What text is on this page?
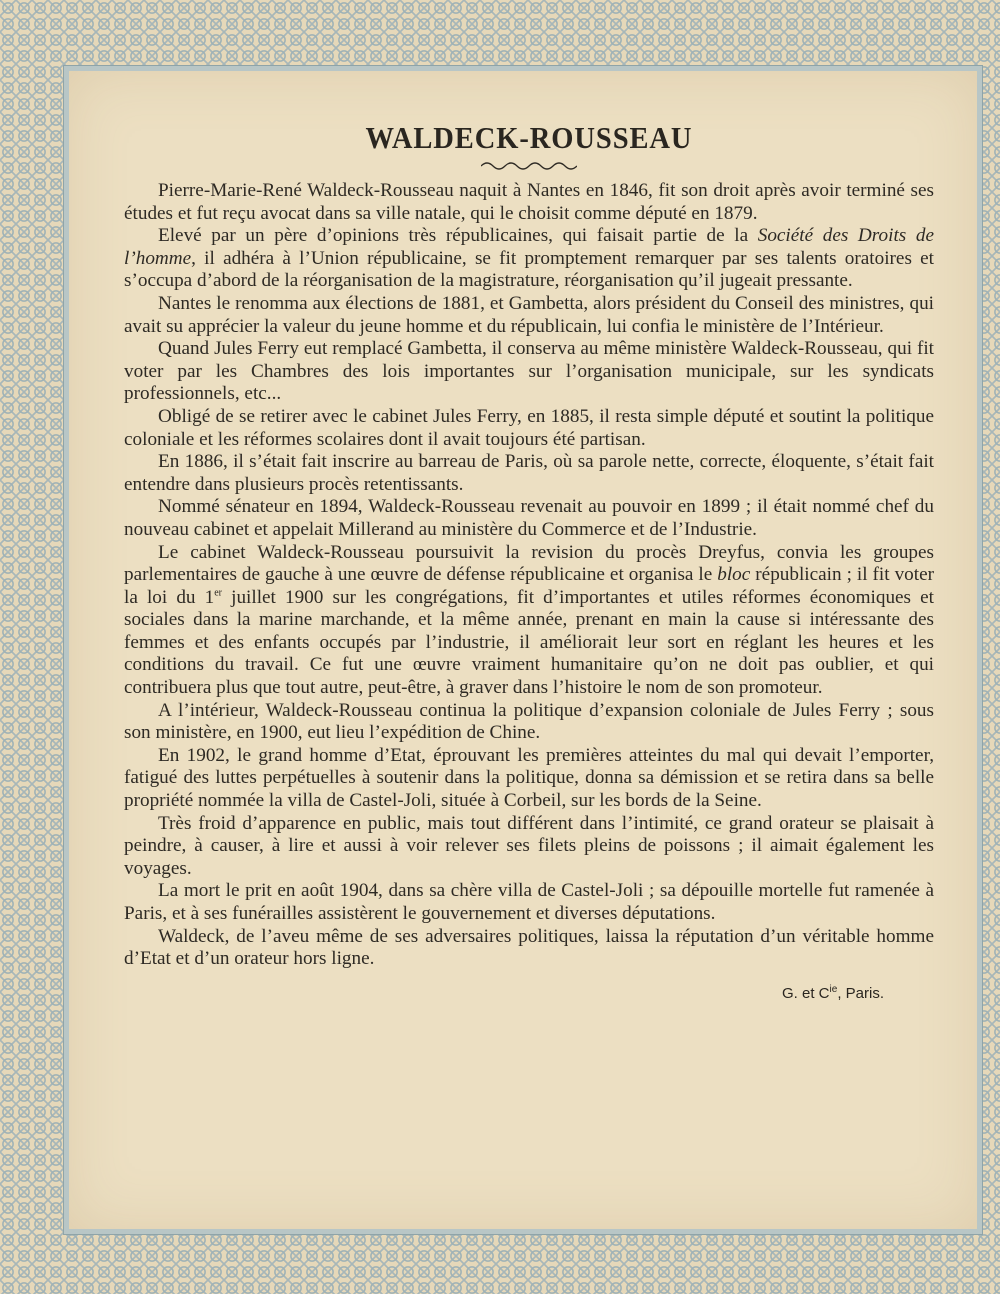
WALDECK-ROUSSEAU

Pierre-Marie-René Waldeck-Rousseau naquit à Nantes en 1846, fit son droit après avoir terminé ses études et fut reçu avocat dans sa ville natale, qui le choisit comme député en 1879.

Elevé par un père d’opinions très républicaines, qui faisait partie de la Société des Droits de l’homme, il adhéra à l’Union républicaine, se fit promptement remarquer par ses talents oratoires et s’occupa d’abord de la réorganisation de la magistrature, réorganisation qu’il jugeait pressante.

Nantes le renomma aux élections de 1881, et Gambetta, alors président du Conseil des ministres, qui avait su apprécier la valeur du jeune homme et du républicain, lui confia le ministère de l’Intérieur.

Quand Jules Ferry eut remplacé Gambetta, il conserva au même ministère Waldeck-Rousseau, qui fit voter par les Chambres des lois importantes sur l’organisation municipale, sur les syndicats professionnels, etc...

Obligé de se retirer avec le cabinet Jules Ferry, en 1885, il resta simple député et soutint la politique coloniale et les réformes scolaires dont il avait toujours été partisan.

En 1886, il s’était fait inscrire au barreau de Paris, où sa parole nette, correcte, éloquente, s’était fait entendre dans plusieurs procès retentissants.

Nommé sénateur en 1894, Waldeck-Rousseau revenait au pouvoir en 1899 ; il était nommé chef du nouveau cabinet et appelait Millerand au ministère du Commerce et de l’Industrie.

Le cabinet Waldeck-Rousseau poursuivit la revision du procès Dreyfus, convia les groupes parlementaires de gauche à une œuvre de défense républicaine et organisa le bloc républicain ; il fit voter la loi du 1er juillet 1900 sur les congrégations, fit d’importantes et utiles réformes économiques et sociales dans la marine marchande, et la même année, prenant en main la cause si intéressante des femmes et des enfants occupés par l’industrie, il améliorait leur sort en réglant les heures et les conditions du travail. Ce fut une œuvre vraiment humanitaire qu’on ne doit pas oublier, et qui contribuera plus que tout autre, peut-être, à graver dans l’histoire le nom de son promoteur.

A l’intérieur, Waldeck-Rousseau continua la politique d’expansion coloniale de Jules Ferry ; sous son ministère, en 1900, eut lieu l’expédition de Chine.

En 1902, le grand homme d’Etat, éprouvant les premières atteintes du mal qui devait l’emporter, fatigué des luttes perpétuelles à soutenir dans la politique, donna sa démission et se retira dans sa belle propriété nommée la villa de Castel-Joli, située à Corbeil, sur les bords de la Seine.

Très froid d’apparence en public, mais tout différent dans l’intimité, ce grand orateur se plaisait à peindre, à causer, à lire et aussi à voir relever ses filets pleins de poissons ; il aimait également les voyages.

La mort le prit en août 1904, dans sa chère villa de Castel-Joli ; sa dépouille mortelle fut ramenée à Paris, et à ses funérailles assistèrent le gouvernement et diverses députations.

Waldeck, de l’aveu même de ses adversaires politiques, laissa la réputation d’un véritable homme d’Etat et d’un orateur hors ligne.

G. et $C^{ie}$, Paris.
